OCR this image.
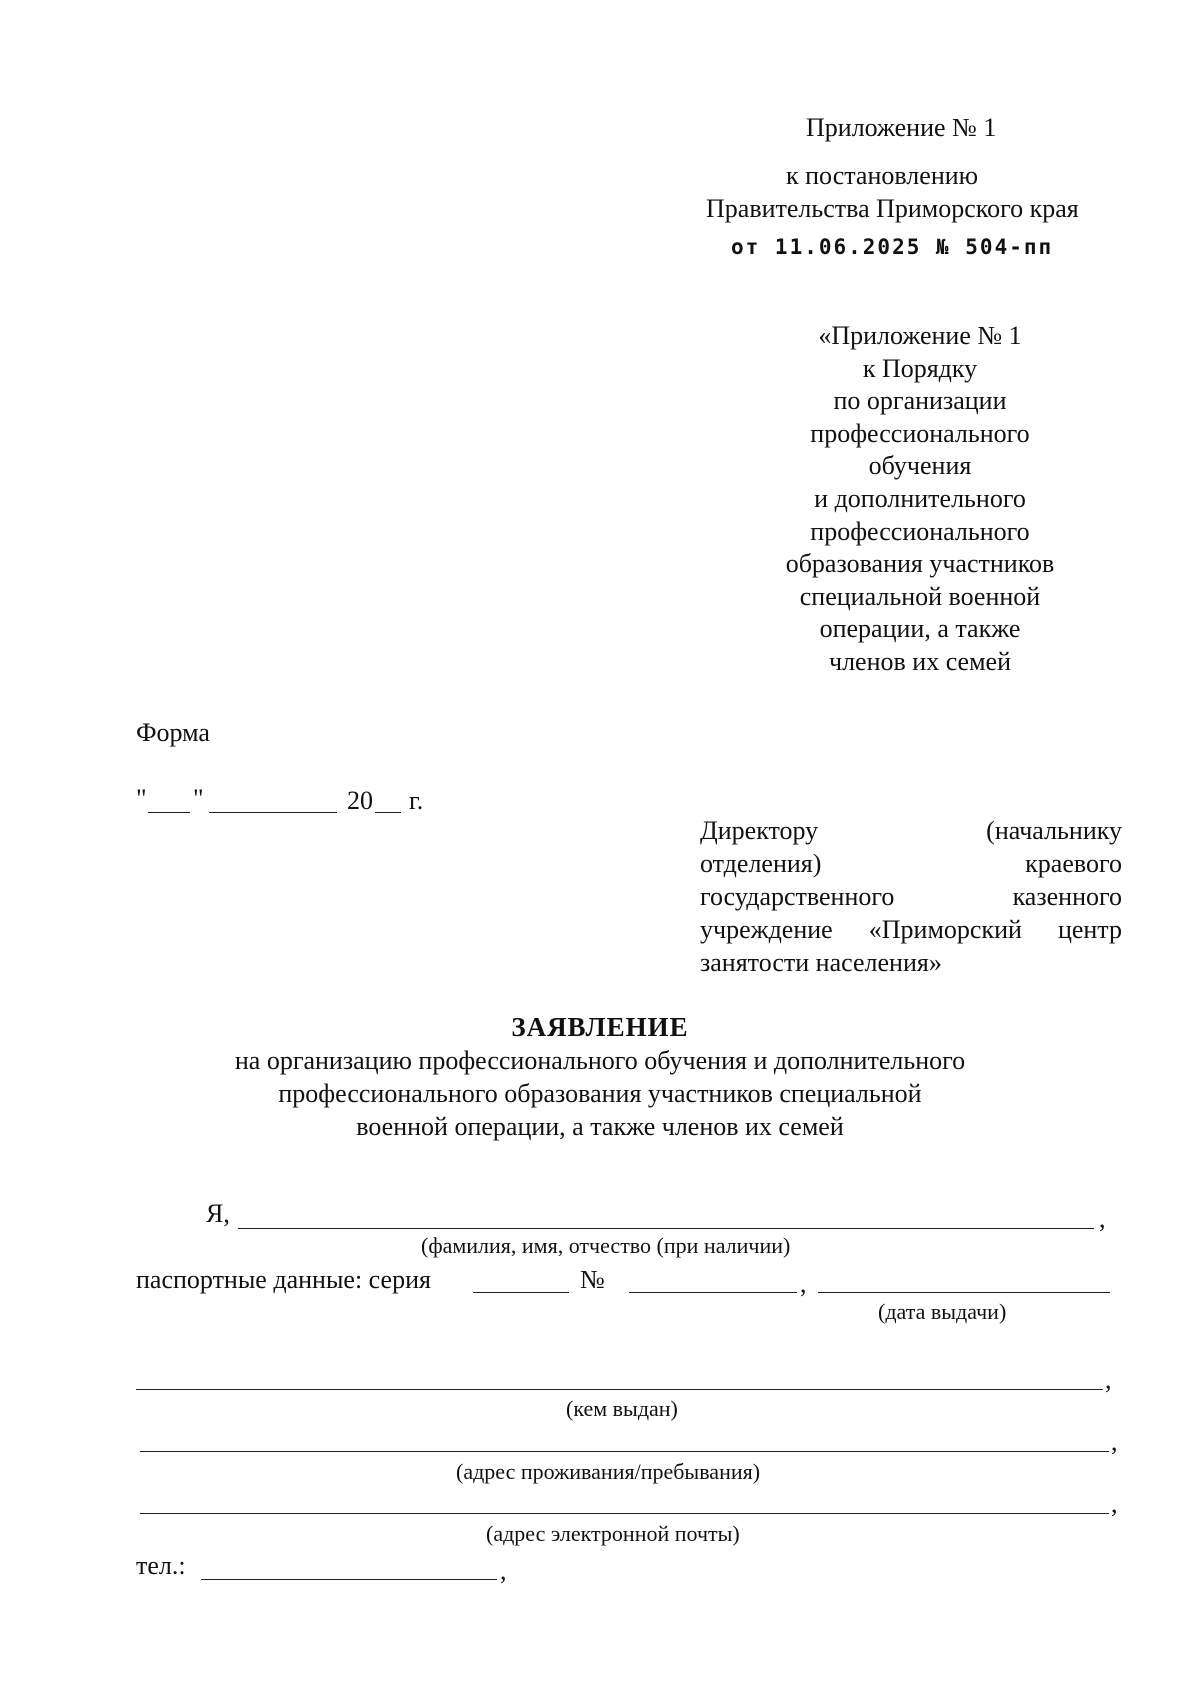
Приложение № 1
к постановлению
Правительства Приморского края
от 11.06.2025 № 504-пп
«Приложение № 1
к Порядку
по организации
профессионального
обучения
и дополнительного
профессионального
образования участников
специальной военной
операции, а также
членов их семей
Форма
" "	20 г.
Директору	(начальнику
отделения)	краевого
государственного	казенного
учреждение «Приморский центр
занятости населения»
ЗАЯВЛЕНИЕ
на организацию профессионального обучения и дополнительного
профессионального образования участников специальной
военной операции, а также членов их семей
Я,	,
(фамилия, имя, отчество (при наличии)
паспортные данные: серия	№	,
(дата выдачи)
,
(кем выдан)
,
(адрес проживания/пребывания)
,
(адрес электронной почты)
тел.:	,
